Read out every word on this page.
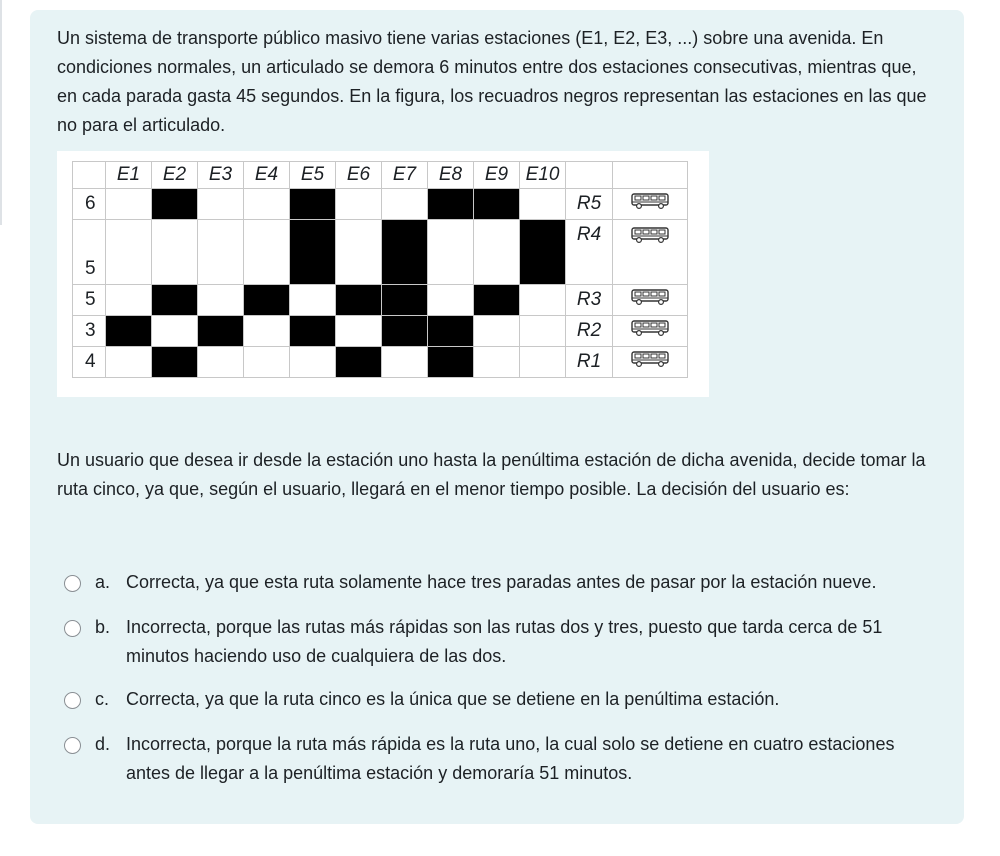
Un sistema de transporte público masivo tiene varias estaciones (E1, E2, E3, ...) sobre una avenida. En condiciones normales, un articulado se demora 6 minutos entre dos estaciones consecutivas, mientras que, en cada parada gasta 45 segundos. En la figura, los recuadros negros representan las estaciones en las que no para el articulado.

	E1	E2	E3	E4	E5	E6	E7	E8	E9	E10		
6											R5	
5											R4	
5											R3	
3											R2	
4											R1	

Un usuario que desea ir desde la estación uno hasta la penúltima estación de dicha avenida, decide tomar la ruta cinco, ya que, según el usuario, llegará en el menor tiempo posible. La decisión del usuario es:

a. Correcta, ya que esta ruta solamente hace tres paradas antes de pasar por la estación nueve.
b. Incorrecta, porque las rutas más rápidas son las rutas dos y tres, puesto que tarda cerca de 51 minutos haciendo uso de cualquiera de las dos.
c. Correcta, ya que la ruta cinco es la única que se detiene en la penúltima estación.
d. Incorrecta, porque la ruta más rápida es la ruta uno, la cual solo se detiene en cuatro estaciones antes de llegar a la penúltima estación y demoraría 51 minutos.
